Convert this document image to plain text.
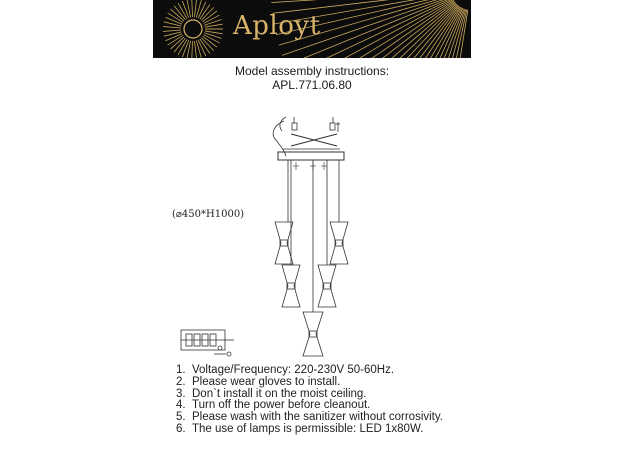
Aployt
Model assembly instructions:
APL.771.06.80
(⌀450*H1000)
1. Voltage/Frequency: 220-230V 50-60Hz.
2. Please wear gloves to install.
3. Don`t install it on the moist ceiling.
4. Turn off the power before cleanout.
5. Please wash with the sanitizer without corrosivity.
6. The use of lamps is permissible: LED 1x80W.
